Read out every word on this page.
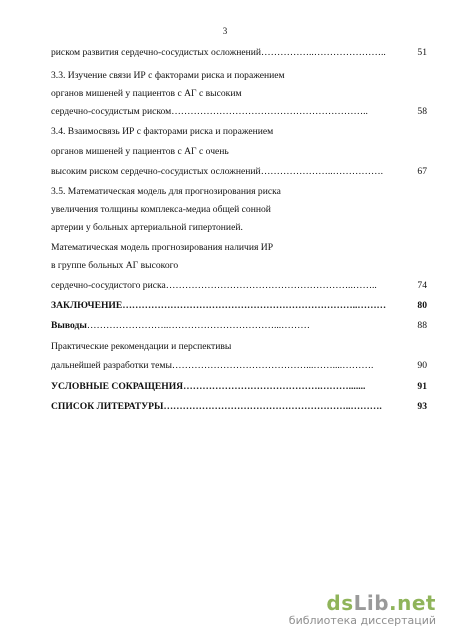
3
риском развития сердечно-сосудистых осложнений ……………..…………………..	51
3.3. Изучение связи ИР с факторами риска и поражением
органов мишеней у пациентов с АГ с высоким
сердечно-сосудистым риском ……………………………………………………..	58
3.4. Взаимосвязь ИР с факторами риска и поражением
органов мишеней у пациентов с АГ с очень
высоким риском сердечно-сосудистых осложнений …………………..…………….	67
3.5. Математическая модель для прогнозирования риска
увеличения толщины комплекса-медиа общей сонной
артерии у больных артериальной гипертонией.
Математическая модель прогнозирования наличия ИР
в группе больных АГ высокого
сердечно-сосудистого риска …………………………………………………..……..	74
ЗАКЛЮЧЕНИЕ ………………………………………………………………..………	80
Выводы ……………………..……………………………...………	88
Практические рекомендации и перспективы
дальнейшей разработки темы ……………………………………...……....……….	90
УСЛОВНЫЕ СОКРАЩЕНИЯ …………………………………….……….......	91
СПИСОК ЛИТЕРАТУРЫ …………………………………………………..……….	93
dsLib.net
библиотека диссертаций
